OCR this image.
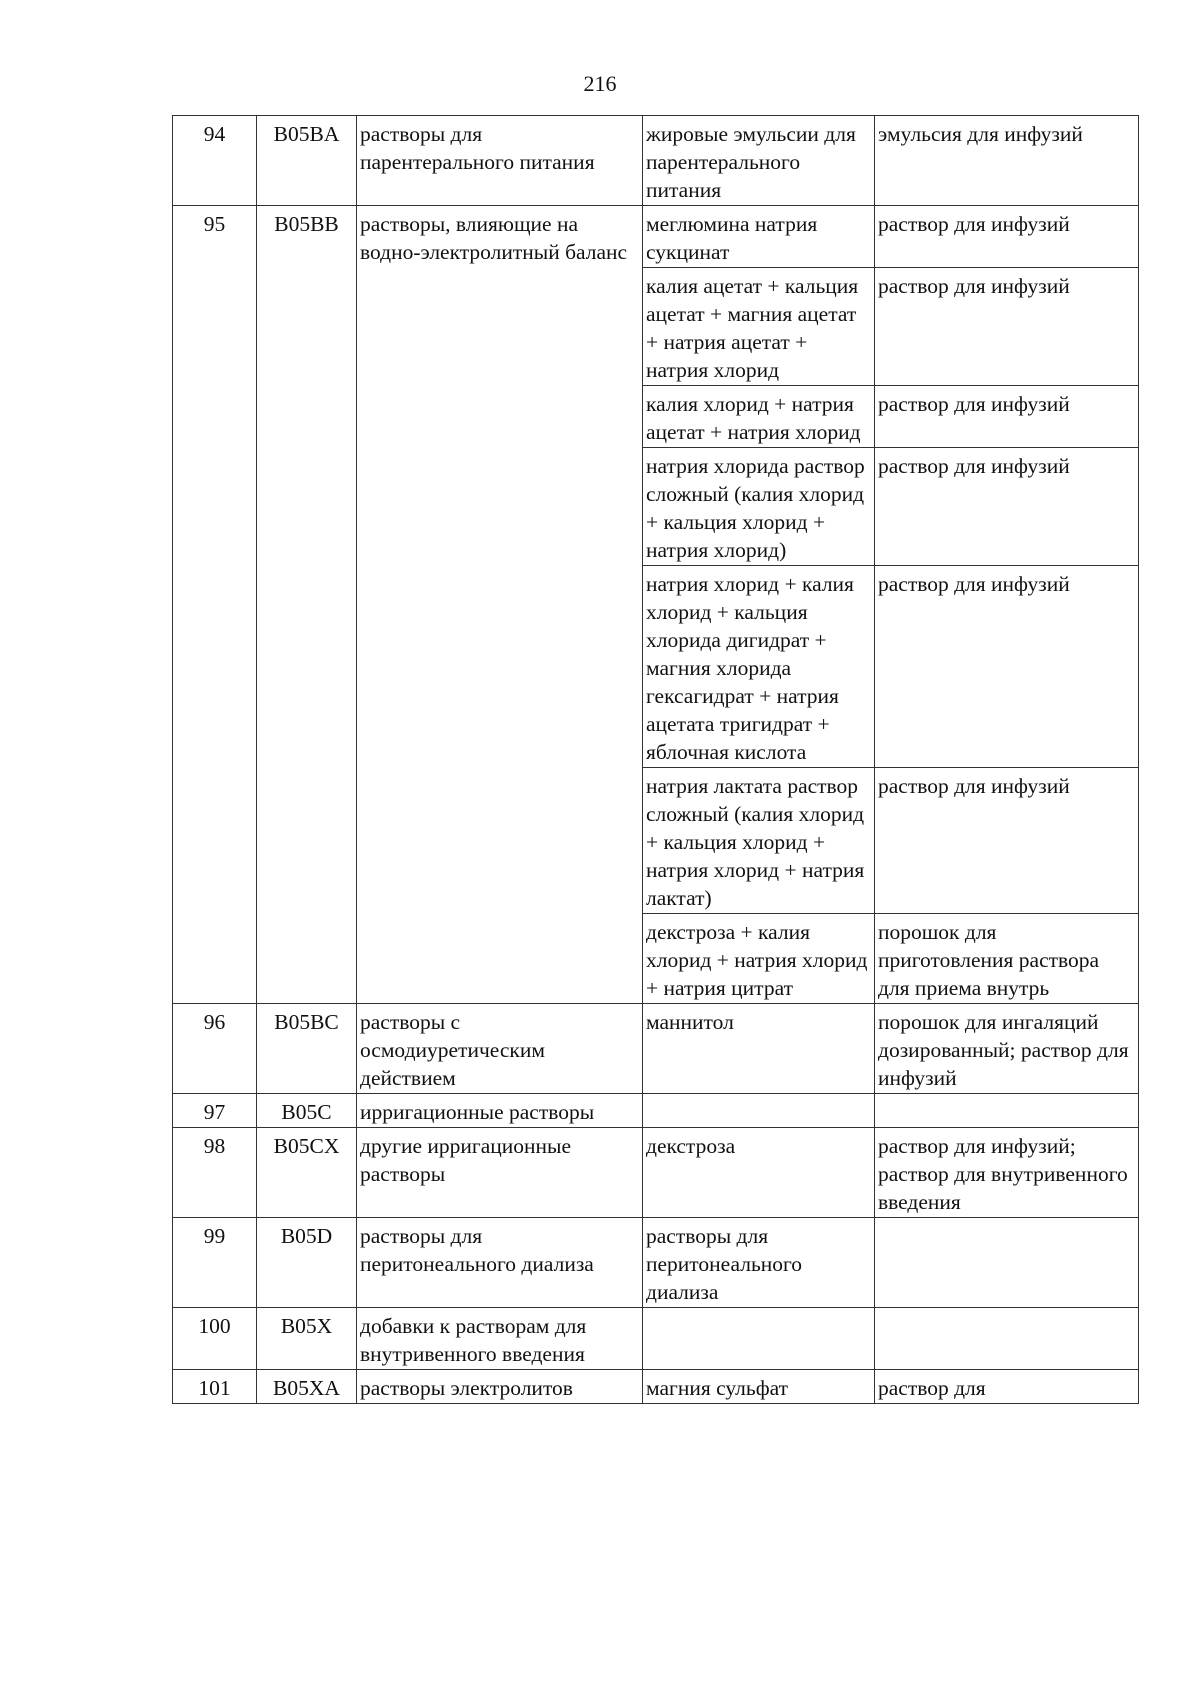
216
94	B05BA	растворы для парентерального питания	жировые эмульсии для парентерального питания	эмульсия для инфузий
95	B05BB	растворы, влияющие на водно-электролитный баланс	меглюмина натрия сукцинат	раствор для инфузий
			калия ацетат + кальция ацетат + магния ацетат + натрия ацетат + натрия хлорид	раствор для инфузий
			калия хлорид + натрия ацетат + натрия хлорид	раствор для инфузий
			натрия хлорида раствор сложный (калия хлорид + кальция хлорид + натрия хлорид)	раствор для инфузий
			натрия хлорид + калия хлорид + кальция хлорида дигидрат + магния хлорида гексагидрат + натрия ацетата тригидрат + яблочная кислота	раствор для инфузий
			натрия лактата раствор сложный (калия хлорид + кальция хлорид + натрия хлорид + натрия лактат)	раствор для инфузий
			декстроза + калия хлорид + натрия хлорид + натрия цитрат	порошок для приготовления раствора для приема внутрь
96	B05BC	растворы с осмодиуретическим действием	маннитол	порошок для ингаляций дозированный; раствор для инфузий
97	B05C	ирригационные растворы		
98	B05CX	другие ирригационные растворы	декстроза	раствор для инфузий; раствор для внутривенного введения
99	B05D	растворы для перитонеального диализа	растворы для перитонеального диализа	
100	B05X	добавки к растворам для внутривенного введения		
101	B05XA	растворы электролитов	магния сульфат	раствор для
